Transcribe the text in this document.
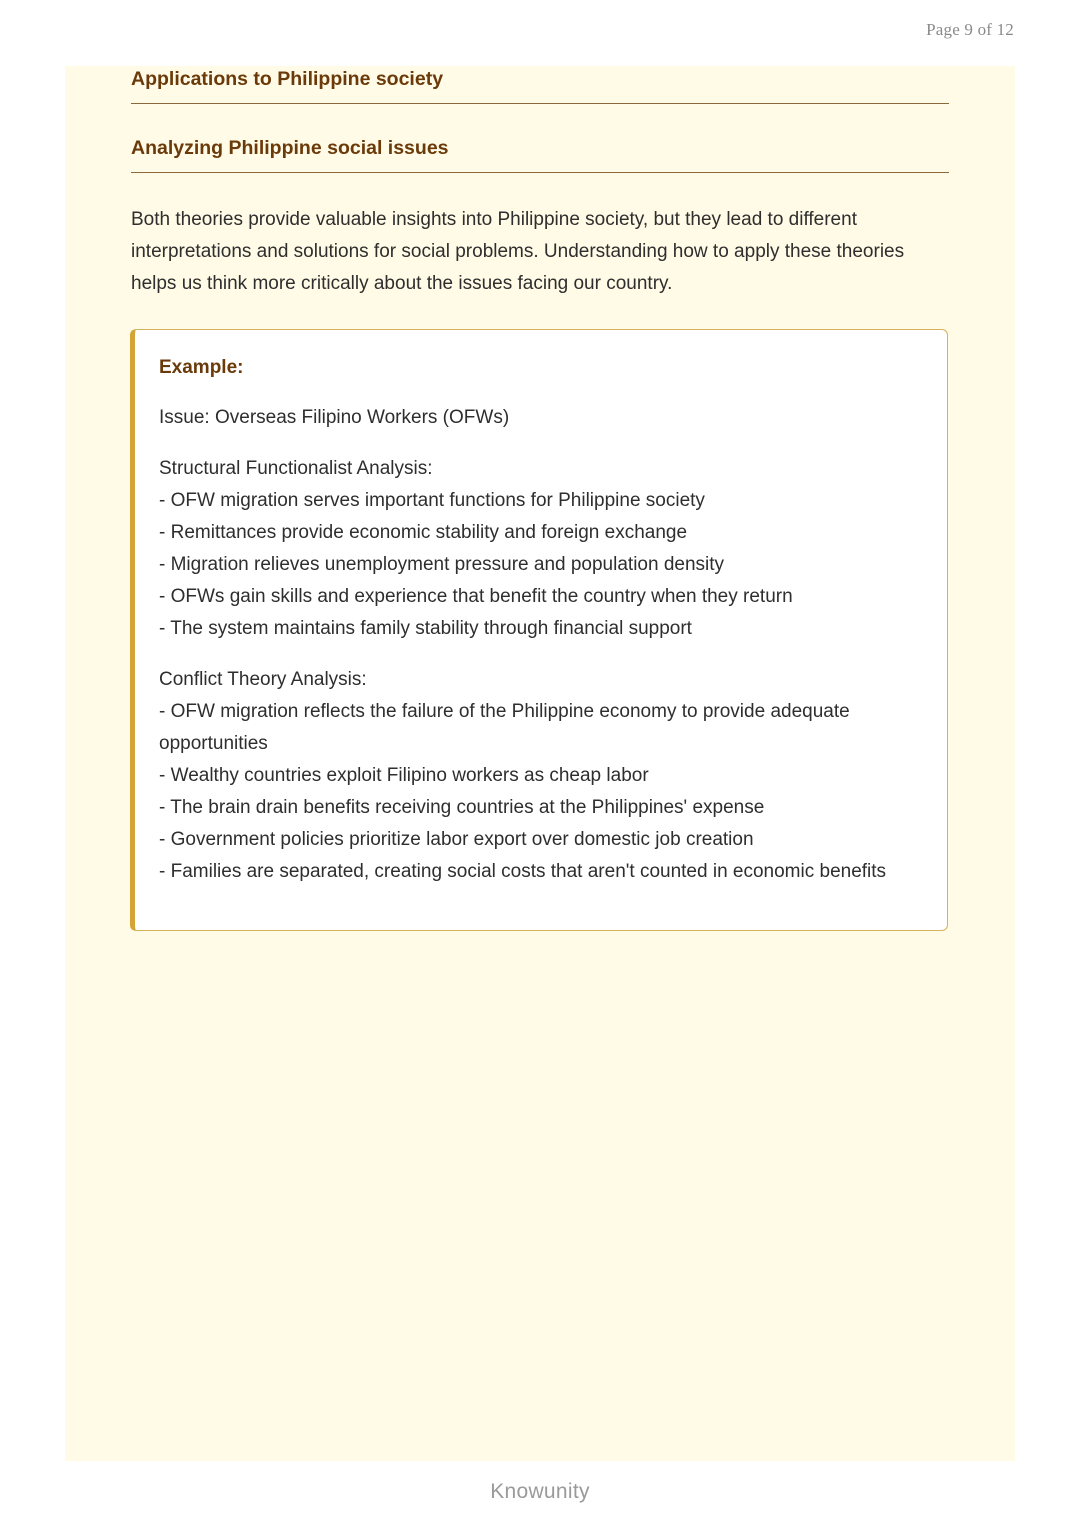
Page 9 of 12
Applications to Philippine society
Analyzing Philippine social issues

Both theories provide valuable insights into Philippine society, but they lead to different interpretations and solutions for social problems. Understanding how to apply these theories helps us think more critically about the issues facing our country.

Example:

Issue: Overseas Filipino Workers (OFWs)

Structural Functionalist Analysis:

- OFW migration serves important functions for Philippine society
- Remittances provide economic stability and foreign exchange
- Migration relieves unemployment pressure and population density
- OFWs gain skills and experience that benefit the country when they return
- The system maintains family stability through financial support

Conflict Theory Analysis:

- OFW migration reflects the failure of the Philippine economy to provide adequate opportunities
- Wealthy countries exploit Filipino workers as cheap labor
- The brain drain benefits receiving countries at the Philippines' expense
- Government policies prioritize labor export over domestic job creation
- Families are separated, creating social costs that aren't counted in economic benefits
Knowunity
